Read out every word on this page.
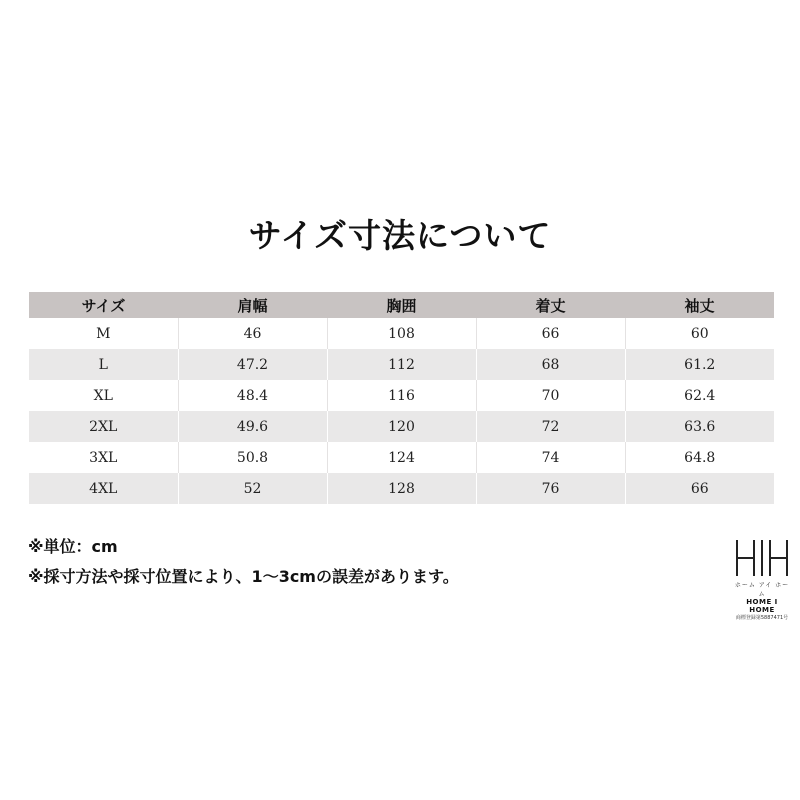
サイズ寸法について
サイズ	肩幅	胸囲	着丈	袖丈
M	46	108	66	60
L	47.2	112	68	61.2
XL	48.4	116	70	62.4
2XL	49.6	120	72	63.6
3XL	50.8	124	74	64.8
4XL	52	128	76	66
※単位：cm
※採寸方法や採寸位置により、1～3cmの誤差があります。	ホーム アイ ホーム
HOME I HOME
商標登録第5887471号
